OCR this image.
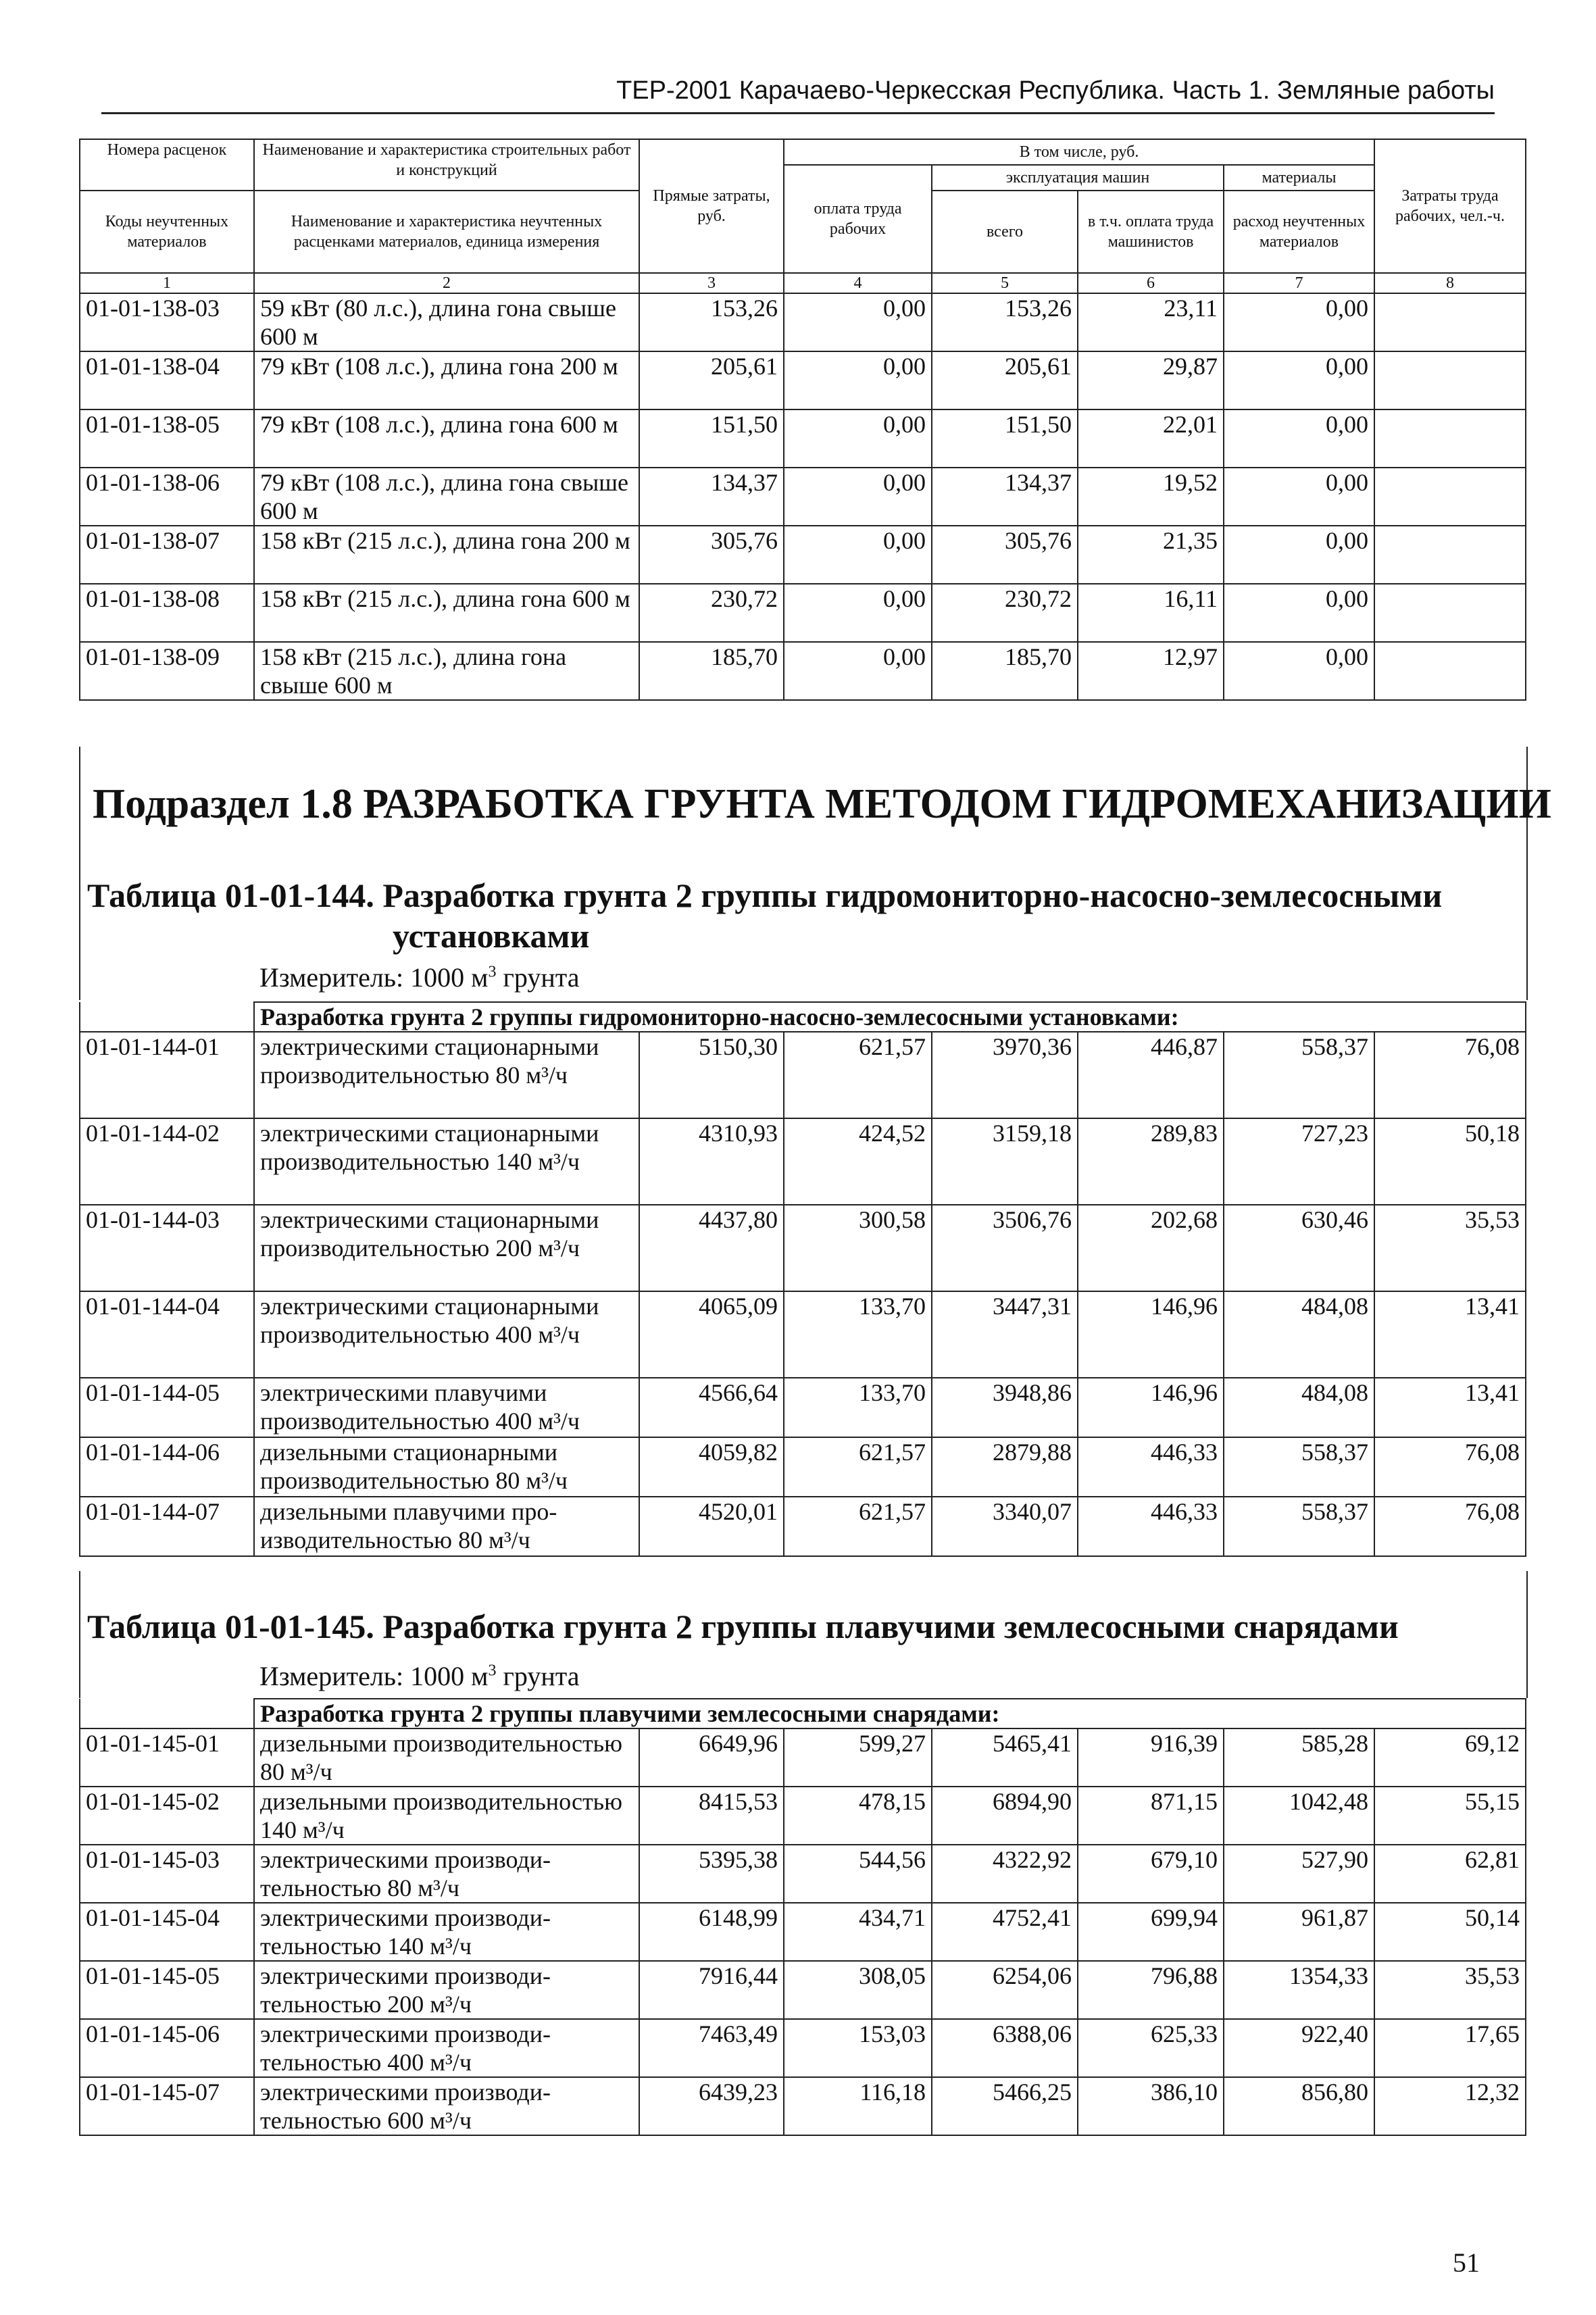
ТЕР-2001 Карачаево-Черкесская Республика. Часть 1. Земляные работы
Номера расценок	Наименование и характеристика строительных работ и конструкций	Прямые затраты, руб.	В том числе, руб.				Затраты труда рабочих, чел.-ч.
			оплата труда рабочих	эксплуатация машин		материалы	
Коды неучтенных материалов	Наименование и характеристика неучтенных расценками материалов, единица измерения			всего	в т.ч. оплата труда машинистов	расход неучтенных материалов	

1	2	3	4	5	6	7	8
01-01-138-03	59 кВт (80 л.с.), длина гона свыше 600 м	153,26	0,00	153,26	23,11	0,00	
01-01-138-04	79 кВт (108 л.с.), длина гона 200 м	205,61	0,00	205,61	29,87	0,00	
01-01-138-05	79 кВт (108 л.с.), длина гона 600 м	151,50	0,00	151,50	22,01	0,00	
01-01-138-06	79 кВт (108 л.с.), длина гона свыше 600 м	134,37	0,00	134,37	19,52	0,00	
01-01-138-07	158 кВт (215 л.с.), длина гона 200 м	305,76	0,00	305,76	21,35	0,00	
01-01-138-08	158 кВт (215 л.с.), длина гона 600 м	230,72	0,00	230,72	16,11	0,00	
01-01-138-09	158 кВт (215 л.с.), длина гона свыше 600 м	185,70	0,00	185,70	12,97	0,00	
Подраздел 1.8 РАЗРАБОТКА ГРУНТА МЕТОДОМ ГИДРОМЕХАНИЗАЦИИ
Таблица 01-01-144. Разработка грунта 2 группы гидромониторно-насосно-землесосными
установками
Измеритель: 1000 $м^3$ грунта
	Разработка грунта 2 группы гидромониторно-насосно-землесосными установками:						
01-01-144-01	электрическими стационарными производительностью 80 м³/ч	5150,30	621,57	3970,36	446,87	558,37	76,08
01-01-144-02	электрическими стационарными производительностью 140 м³/ч	4310,93	424,52	3159,18	289,83	727,23	50,18
01-01-144-03	электрическими стационарными производительностью 200 м³/ч	4437,80	300,58	3506,76	202,68	630,46	35,53
01-01-144-04	электрическими стационарными производительностью 400 м³/ч	4065,09	133,70	3447,31	146,96	484,08	13,41
01-01-144-05	электрическими плавучими производительностью 400 м³/ч	4566,64	133,70	3948,86	146,96	484,08	13,41
01-01-144-06	дизельными стационарными производительностью 80 м³/ч	4059,82	621,57	2879,88	446,33	558,37	76,08
01-01-144-07	дизельными плавучими производительностью 80 м³/ч	4520,01	621,57	3340,07	446,33	558,37	76,08
Таблица 01-01-145. Разработка грунта 2 группы плавучими землесосными снарядами
Измеритель: 1000 $м^3$ грунта
	Разработка грунта 2 группы плавучими землесосными снарядами:						
01-01-145-01	дизельными производительностью 80 м³/ч	6649,96	599,27	5465,41	916,39	585,28	69,12
01-01-145-02	дизельными производительностью 140 м³/ч	8415,53	478,15	6894,90	871,15	1042,48	55,15
01-01-145-03	электрическими производительностью 80 м³/ч	5395,38	544,56	4322,92	679,10	527,90	62,81
01-01-145-04	электрическими производительностью 140 м³/ч	6148,99	434,71	4752,41	699,94	961,87	50,14
01-01-145-05	электрическими производительностью 200 м³/ч	7916,44	308,05	6254,06	796,88	1354,33	35,53
01-01-145-06	электрическими производительностью 400 м³/ч	7463,49	153,03	6388,06	625,33	922,40	17,65
01-01-145-07	электрическими производительностью 600 м³/ч	6439,23	116,18	5466,25	386,10	856,80	12,32
51
